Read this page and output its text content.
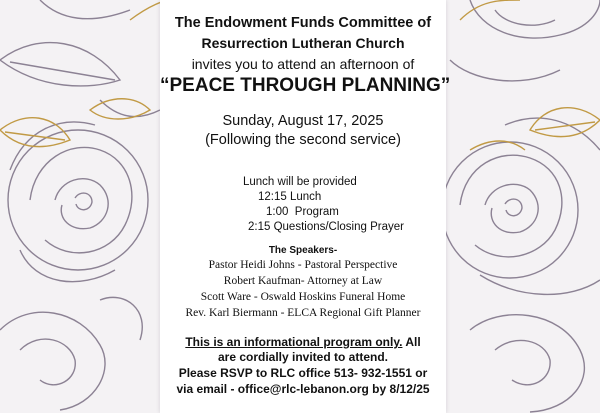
The Endowment Funds Committee of
Resurrection Lutheran Church
invites you to attend an afternoon of
“PEACE THROUGH PLANNING”
Sunday, August 17, 2025
(Following the second service)
Lunch will be provided
12:15 Lunch
1:00  Program
2:15 Questions/Closing Prayer
The Speakers-
Pastor Heidi Johns - Pastoral Perspective
Robert Kaufman- Attorney at Law
Scott Ware - Oswald Hoskins Funeral Home
Rev. Karl Biermann - ELCA Regional Gift Planner
This is an informational program only. All
are cordially invited to attend.
Please RSVP to RLC office 513- 932-1551 or
via email - office@rlc-lebanon.org by 8/12/25
